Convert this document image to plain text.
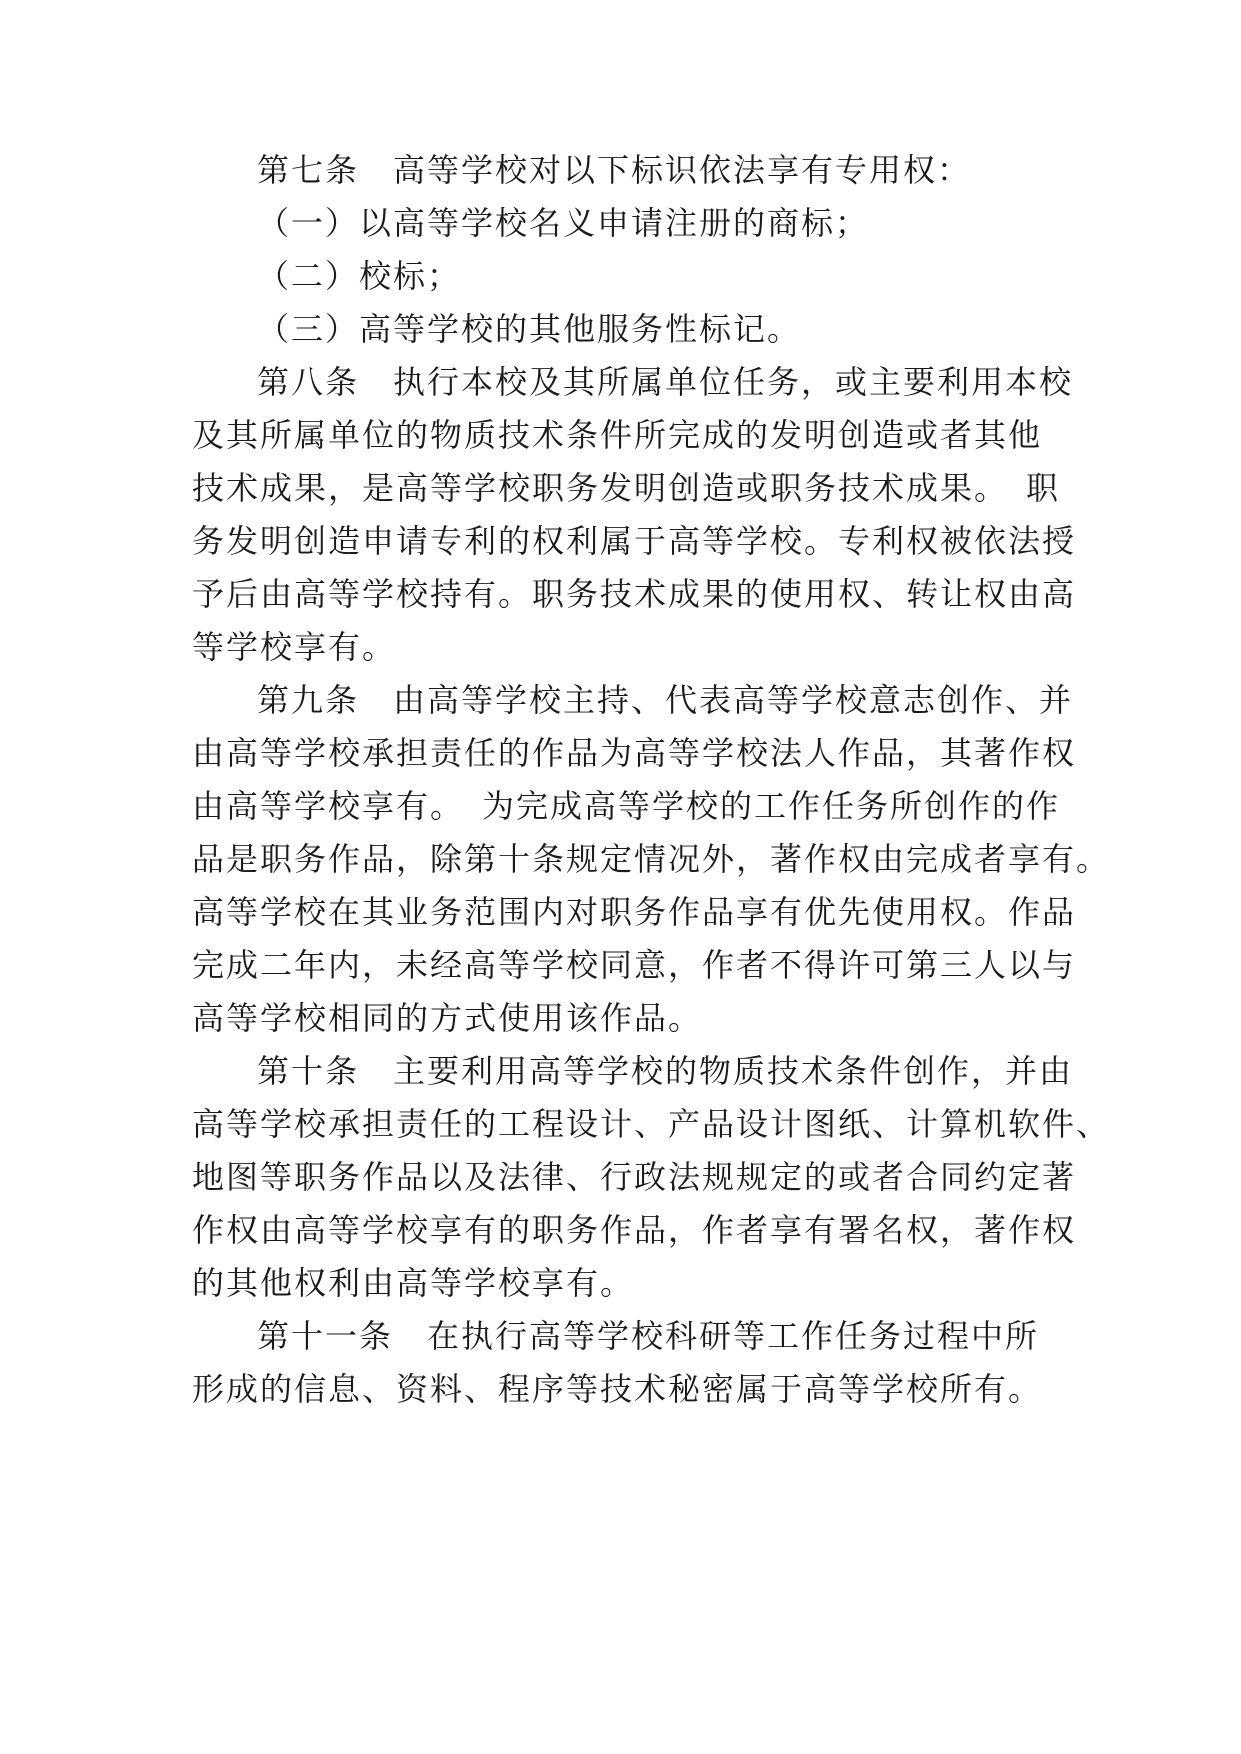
第七条　高等学校对以下标识依法享有专用权：
（一）以高等学校名义申请注册的商标；
（二）校标；
（三）高等学校的其他服务性标记。
第八条　执行本校及其所属单位任务，或主要利用本校
及其所属单位的物质技术条件所完成的发明创造或者其他
技术成果，是高等学校职务发明创造或职务技术成果。　职
务发明创造申请专利的权利属于高等学校。专利权被依法授
予后由高等学校持有。职务技术成果的使用权、转让权由高
等学校享有。
第九条　由高等学校主持、代表高等学校意志创作、并
由高等学校承担责任的作品为高等学校法人作品，其著作权
由高等学校享有。　为完成高等学校的工作任务所创作的作
品是职务作品，除第十条规定情况外，著作权由完成者享有。
高等学校在其业务范围内对职务作品享有优先使用权。作品
完成二年内，未经高等学校同意，作者不得许可第三人以与
高等学校相同的方式使用该作品。
第十条　主要利用高等学校的物质技术条件创作，并由
高等学校承担责任的工程设计、产品设计图纸、计算机软件、
地图等职务作品以及法律、行政法规规定的或者合同约定著
作权由高等学校享有的职务作品，作者享有署名权，著作权
的其他权利由高等学校享有。
第十一条　在执行高等学校科研等工作任务过程中所
形成的信息、资料、程序等技术秘密属于高等学校所有。
